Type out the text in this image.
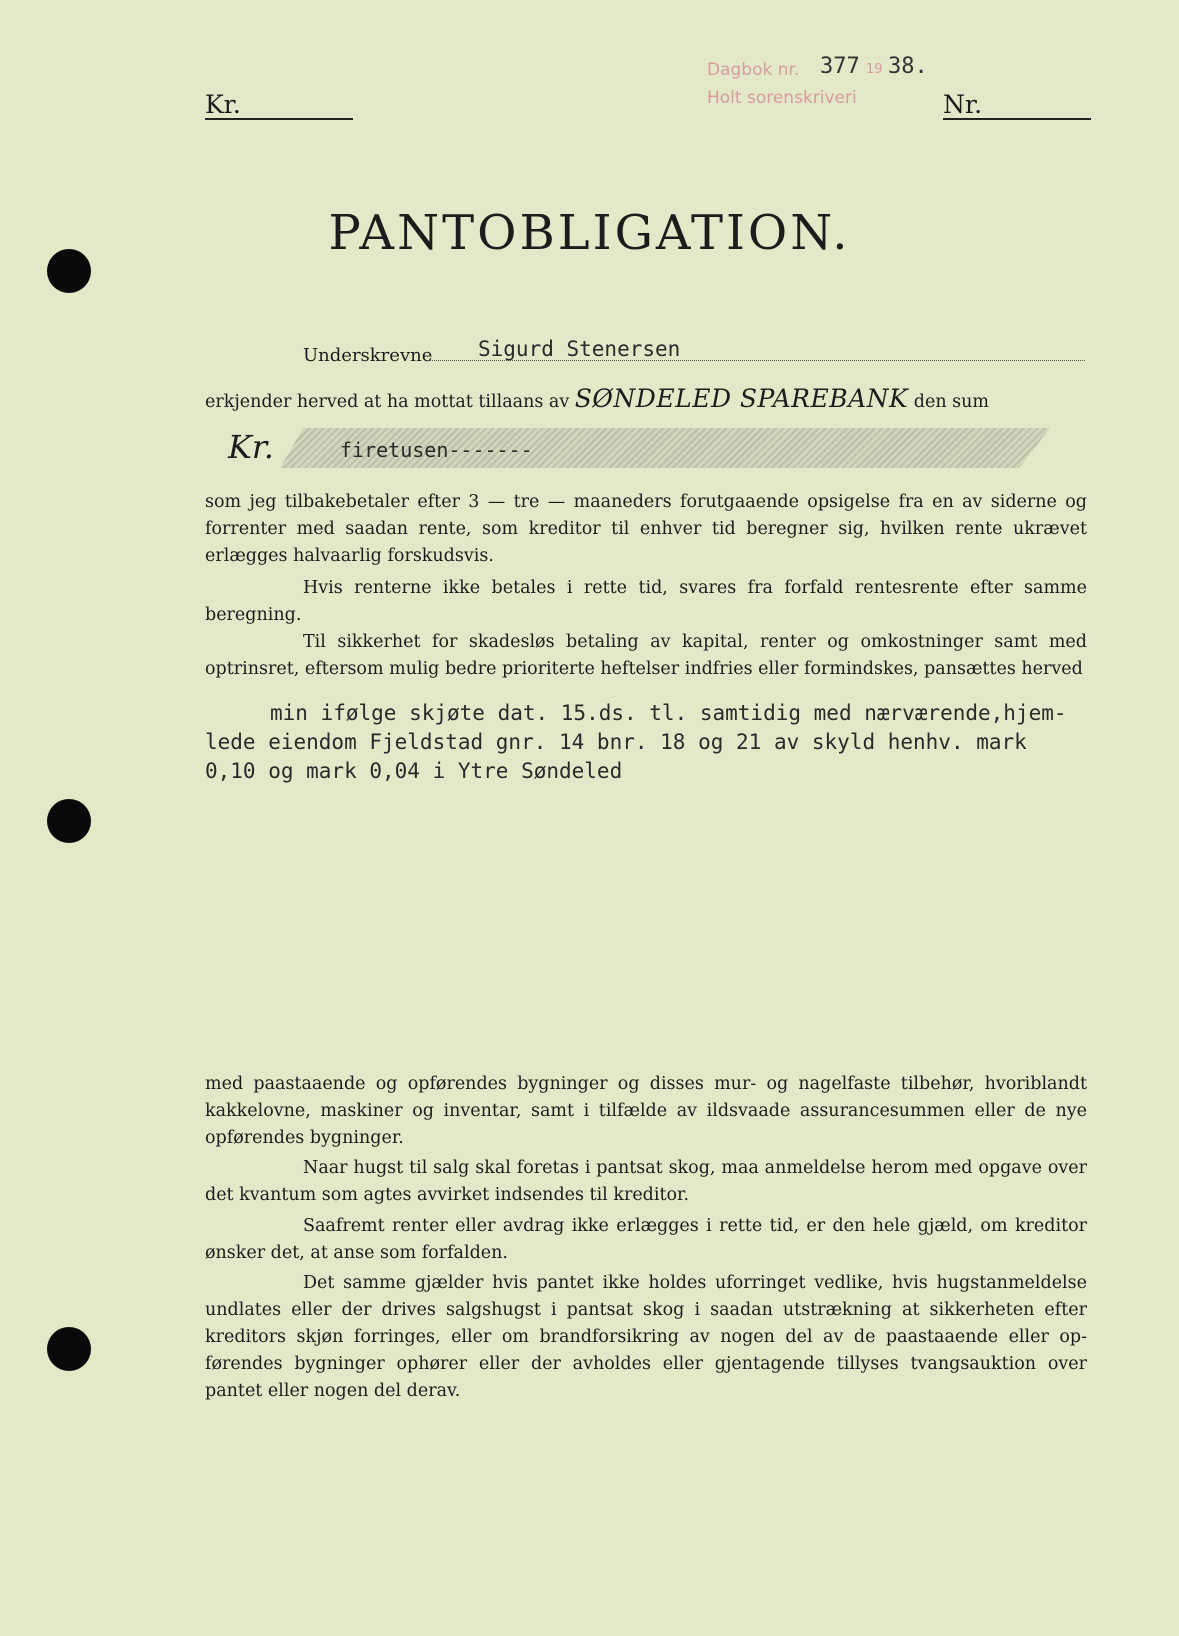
Dagbok nr. 377 19 38.
Holt sorenskriveri
Kr.	Nr.
PANTOBLIGATION.
Underskrevne Sigurd Stenersen
erkjender herved at ha mottat tillaans av SØNDELED SPAREBANK den sum
Kr.	firetusen-------
som jeg tilbakebetaler efter 3 — tre — maaneders forutgaaende opsigelse fra en av siderne og forrenter med saadan rente, som kreditor til enhver tid beregner sig, hvilken rente ukrævet erlægges halvaarlig forskudsvis.
Hvis renterne ikke betales i rette tid, svares fra forfald rentesrente efter samme beregning.
Til sikkerhet for skadesløs betaling av kapital, renter og omkostninger samt med optrinsret, eftersom mulig bedre prioriterte heftelser indfries eller formindskes, pansættes herved
min ifølge skjøte dat. 15.ds. tl. samtidig med nærværende,hjem-
lede eiendom Fjeldstad gnr. 14 bnr. 18 og 21 av skyld henhv. mark
0,10 og mark 0,04 i Ytre Søndeled
med paastaaende og opførendes bygninger og disses mur- og nagelfaste tilbehør, hvoriblandt kakkelovne, maskiner og inventar, samt i tilfælde av ildsvaade assurancesummen eller de nye opførendes bygninger.
Naar hugst til salg skal foretas i pantsat skog, maa anmeldelse herom med opgave over det kvantum som agtes avvirket indsendes til kreditor.
Saafremt renter eller avdrag ikke erlægges i rette tid, er den hele gjæld, om kreditor ønsker det, at anse som forfalden.
Det samme gjælder hvis pantet ikke holdes uforringet vedlike, hvis hugstanmeldelse undlates eller der drives salgshugst i pantsat skog i saadan utstrækning at sikkerheten efter kreditors skjøn forringes, eller om brandforsikring av nogen del av de paastaaende eller op- førendes bygninger ophører eller der avholdes eller gjentagende tillyses tvangsauktion over pantet eller nogen del derav.
